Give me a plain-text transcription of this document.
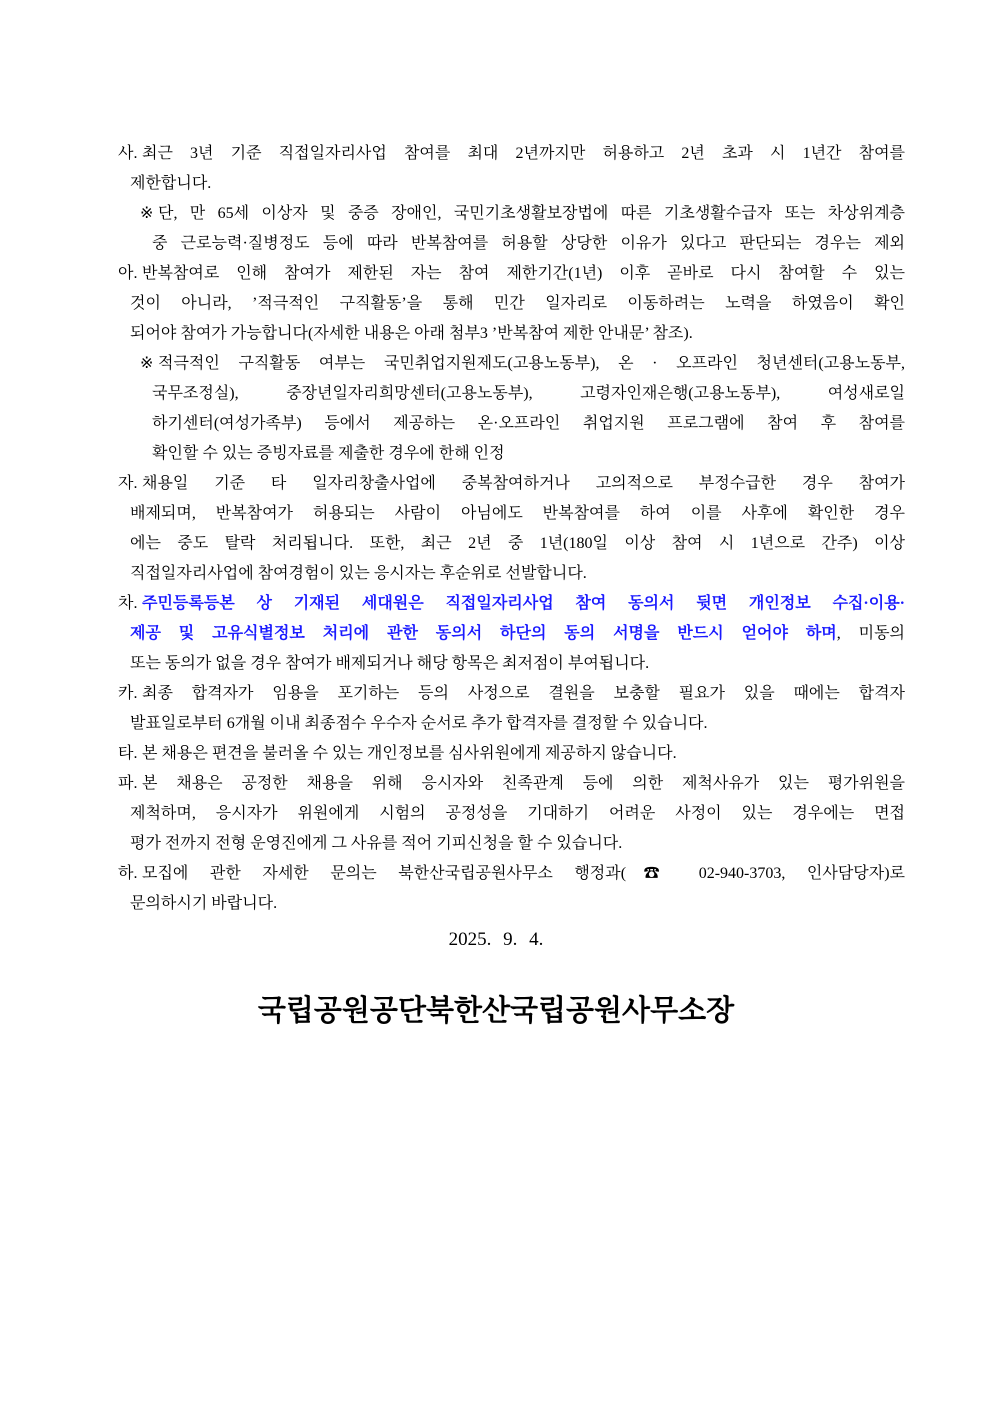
사. 최근 3년 기준 직접일자리사업 참여를 최대 2년까지만 허용하고 2년 초과 시 1년간 참여를
제한합니다.
※ 단, 만 65세 이상자 및 중증 장애인, 국민기초생활보장법에 따른 기초생활수급자 또는 차상위계층
중 근로능력·질병정도 등에 따라 반복참여를 허용할 상당한 이유가 있다고 판단되는 경우는 제외
아. 반복참여로 인해 참여가 제한된 자는 참여 제한기간(1년) 이후 곧바로 다시 참여할 수 있는
것이 아니라, ’적극적인 구직활동’을 통해 민간 일자리로 이동하려는 노력을 하였음이 확인
되어야 참여가 가능합니다(자세한 내용은 아래 첨부3 ’반복참여 제한 안내문’ 참조).
※ 적극적인 구직활동 여부는 국민취업지원제도(고용노동부), 온 · 오프라인 청년센터(고용노동부,
국무조정실), 중장년일자리희망센터(고용노동부), 고령자인재은행(고용노동부), 여성새로일
하기센터(여성가족부) 등에서 제공하는 온·오프라인 취업지원 프로그램에 참여 후 참여를
확인할 수 있는 증빙자료를 제출한 경우에 한해 인정
자. 채용일 기준 타 일자리창출사업에 중복참여하거나 고의적으로 부정수급한 경우 참여가
배제되며, 반복참여가 허용되는 사람이 아님에도 반복참여를 하여 이를 사후에 확인한 경우
에는 중도 탈락 처리됩니다. 또한, 최근 2년 중 1년(180일 이상 참여 시 1년으로 간주) 이상
직접일자리사업에 참여경험이 있는 응시자는 후순위로 선발합니다.
차. 주민등록등본 상 기재된 세대원은 직접일자리사업 참여 동의서 뒷면 개인정보 수집·이용·
제공 및 고유식별정보 처리에 관한 동의서 하단의 동의 서명을 반드시 얻어야 하며, 미동의
또는 동의가 없을 경우 참여가 배제되거나 해당 항목은 최저점이 부여됩니다.
카. 최종 합격자가 임용을 포기하는 등의 사정으로 결원을 보충할 필요가 있을 때에는 합격자
발표일로부터 6개월 이내 최종점수 우수자 순서로 추가 합격자를 결정할 수 있습니다.
타. 본 채용은 편견을 불러올 수 있는 개인정보를 심사위원에게 제공하지 않습니다.
파. 본 채용은 공정한 채용을 위해 응시자와 친족관계 등에 의한 제척사유가 있는 평가위원을
제척하며, 응시자가 위원에게 시험의 공정성을 기대하기 어려운 사정이 있는 경우에는 면접
평가 전까지 전형 운영진에게 그 사유를 적어 기피신청을 할 수 있습니다.
하. 모집에 관한 자세한 문의는 북한산국립공원사무소 행정과(☎ 02-940-3703, 인사담당자)로
문의하시기 바랍니다.
2025. 9. 4.
국립공원공단북한산국립공원사무소장
